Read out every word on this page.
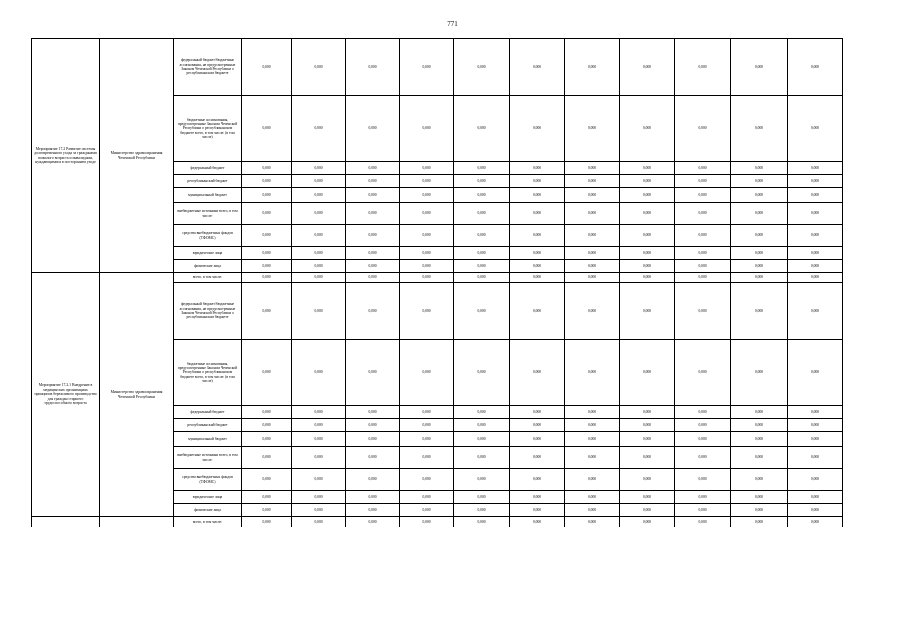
771
Мероприятие 17.2 Развитие системы долговременного ухода за гражданами пожилого возраста и инвалидами, нуждающимися в постороннем уходе	Министерство здравоохранения Чеченской Республики	федеральный бюджет/бюджетные ассигнования, не предусмотренные Законом Чеченской Республики о республиканском бюджете	0,000	0,000	0,000	0,000	0,000	0,000	0,000	0,000	0,000	0,000	0,000
		бюджетные ассигнования, предусмотренные Законом Чеченской Республики о республиканском бюджете всего, в том числе: (в том числе)	0,000	0,000	0,000	0,000	0,000	0,000	0,000	0,000	0,000	0,000	0,000
		федеральный бюджет	0,000	0,000	0,000	0,000	0,000	0,000	0,000	0,000	0,000	0,000	0,000
		республиканский бюджет	0,000	0,000	0,000	0,000	0,000	0,000	0,000	0,000	0,000	0,000	0,000
		муниципальный бюджет	0,000	0,000	0,000	0,000	0,000	0,000	0,000	0,000	0,000	0,000	0,000
		внебюджетные источники всего, в том числе:	0,000	0,000	0,000	0,000	0,000	0,000	0,000	0,000	0,000	0,000	0,000
		средства внебюджетных фондов (ТФОМС)	0,000	0,000	0,000	0,000	0,000	0,000	0,000	0,000	0,000	0,000	0,000
		юридические лица	0,000	0,000	0,000	0,000	0,000	0,000	0,000	0,000	0,000	0,000	0,000
		физические лица	0,000	0,000	0,000	0,000	0,000	0,000	0,000	0,000	0,000	0,000	0,000
Мероприятие 17.2.1 Внедрение в медицинских организациях принципов бережливого производства для граждан старшего трудоспособного возраста	Министерство здравоохранения Чеченской Республики	всего, в том числе:	0,000	0,000	0,000	0,000	0,000	0,000	0,000	0,000	0,000	0,000	0,000
		федеральный бюджет/бюджетные ассигнования, не предусмотренные Законом Чеченской Республики о республиканском бюджете	0,000	0,000	0,000	0,000	0,000	0,000	0,000	0,000	0,000	0,000	0,000
		бюджетные ассигнования, предусмотренные Законом Чеченской Республики о республиканском бюджете всего, в том числе: (в том числе)	0,000	0,000	0,000	0,000	0,000	0,000	0,000	0,000	0,000	0,000	0,000
		федеральный бюджет	0,000	0,000	0,000	0,000	0,000	0,000	0,000	0,000	0,000	0,000	0,000
		республиканский бюджет	0,000	0,000	0,000	0,000	0,000	0,000	0,000	0,000	0,000	0,000	0,000
		муниципальный бюджет	0,000	0,000	0,000	0,000	0,000	0,000	0,000	0,000	0,000	0,000	0,000
		внебюджетные источники всего, в том числе:	0,000	0,000	0,000	0,000	0,000	0,000	0,000	0,000	0,000	0,000	0,000
		средства внебюджетных фондов (ТФОМС)	0,000	0,000	0,000	0,000	0,000	0,000	0,000	0,000	0,000	0,000	0,000
		юридические лица	0,000	0,000	0,000	0,000	0,000	0,000	0,000	0,000	0,000	0,000	0,000
		физические лица	0,000	0,000	0,000	0,000	0,000	0,000	0,000	0,000	0,000	0,000	0,000
		всего, в том числе:	0,000	0,000	0,000	0,000	0,000	0,000	0,000	0,000	0,000	0,000	0,000
